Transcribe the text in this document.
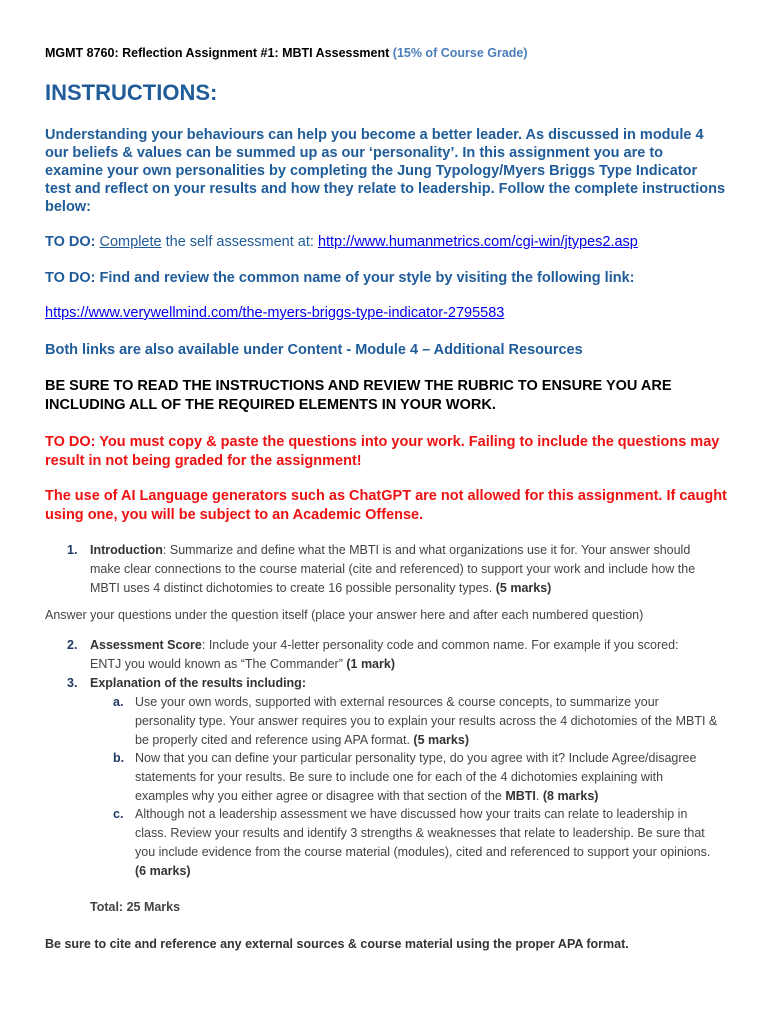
MGMT 8760: Reflection Assignment #1: MBTI Assessment (15% of Course Grade)
INSTRUCTIONS:
Understanding your behaviours can help you become a better leader. As discussed in module 4 our beliefs & values can be summed up as our ‘personality’. In this assignment you are to examine your own personalities by completing the Jung Typology/Myers Briggs Type Indicator test and reflect on your results and how they relate to leadership. Follow the complete instructions below:
TO DO: Complete the self assessment at: http://www.humanmetrics.com/cgi-win/jtypes2.asp
TO DO: Find and review the common name of your style by visiting the following link:
https://www.verywellmind.com/the-myers-briggs-type-indicator-2795583
Both links are also available under Content - Module 4 – Additional Resources
BE SURE TO READ THE INSTRUCTIONS AND REVIEW THE RUBRIC TO ENSURE YOU ARE INCLUDING ALL OF THE REQUIRED ELEMENTS IN YOUR WORK.
TO DO: You must copy & paste the questions into your work. Failing to include the questions may result in not being graded for the assignment!
The use of AI Language generators such as ChatGPT are not allowed for this assignment. If caught using one, you will be subject to an Academic Offense.
1. Introduction: Summarize and define what the MBTI is and what organizations use it for. Your answer should make clear connections to the course material (cite and referenced) to support your work and include how the MBTI uses 4 distinct dichotomies to create 16 possible personality types. (5 marks)
Answer your questions under the question itself (place your answer here and after each numbered question)
2. Assessment Score: Include your 4-letter personality code and common name. For example if you scored: ENTJ you would known as “The Commander” (1 mark)
3. Explanation of the results including:
a. Use your own words, supported with external resources & course concepts, to summarize your personality type. Your answer requires you to explain your results across the 4 dichotomies of the MBTI & be properly cited and reference using APA format. (5 marks)
b. Now that you can define your particular personality type, do you agree with it? Include Agree/disagree statements for your results. Be sure to include one for each of the 4 dichotomies explaining with examples why you either agree or disagree with that section of the MBTI. (8 marks)
c. Although not a leadership assessment we have discussed how your traits can relate to leadership in class. Review your results and identify 3 strengths & weaknesses that relate to leadership. Be sure that you include evidence from the course material (modules), cited and referenced to support your opinions. (6 marks)
Total: 25 Marks
Be sure to cite and reference any external sources & course material using the proper APA format.
